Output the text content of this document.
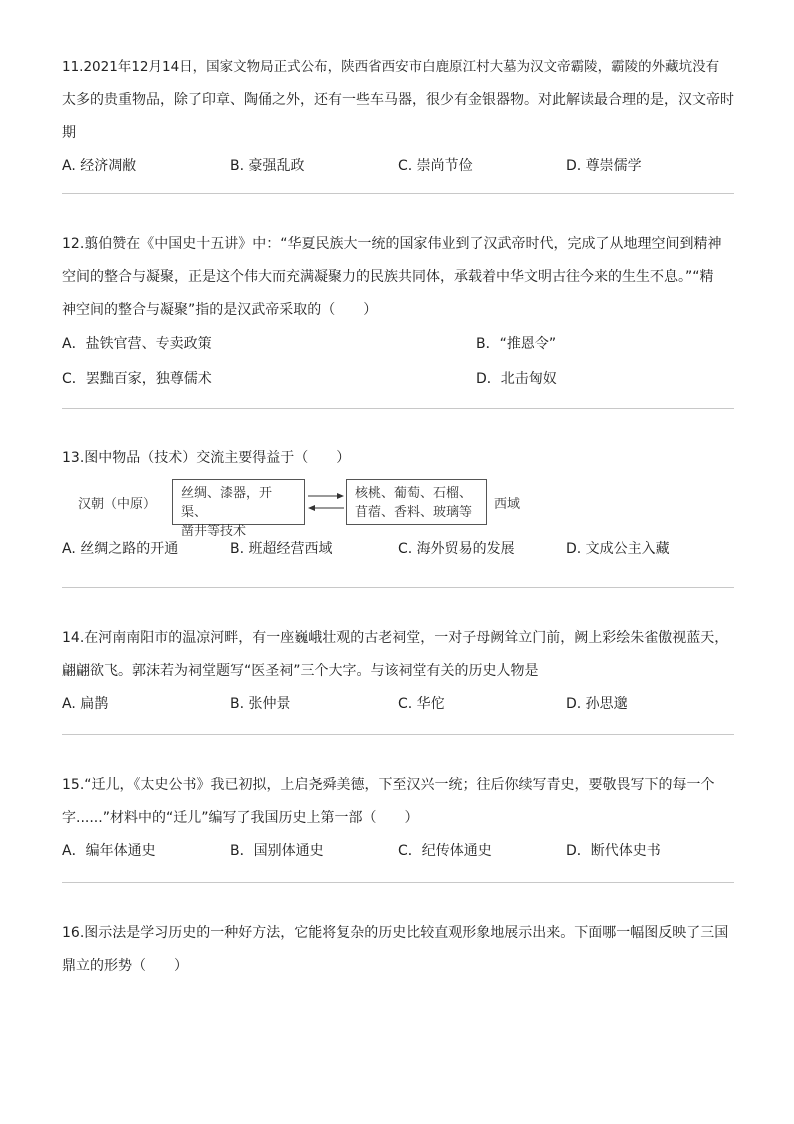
11.2021年12月14日，国家文物局正式公布，陕西省西安市白鹿原江村大墓为汉文帝霸陵，霸陵的外藏坑没有
太多的贵重物品，除了印章、陶俑之外，还有一些车马器，很少有金银器物。对此解读最合理的是，汉文帝时
期
A. 经济凋敝	B. 豪强乱政	C. 崇尚节俭	D. 尊崇儒学
12.翦伯赞在《中国史十五讲》中：“华夏民族大一统的国家伟业到了汉武帝时代，完成了从地理空间到精神
空间的整合与凝聚，正是这个伟大而充满凝聚力的民族共同体，承载着中华文明古往今来的生生不息。”“精
神空间的整合与凝聚”指的是汉武帝采取的（　　）
A．盐铁官营、专卖政策	B．“推恩令”
C．罢黜百家，独尊儒术	D．北击匈奴
13.图中物品（技术）交流主要得益于（　　）
汉朝（中原）
丝绸、漆器，开渠、
凿井等技术
核桃、葡萄、石榴、
苜蓿、香料、玻璃等
西域
A. 丝绸之路的开通	B. 班超经营西域	C. 海外贸易的发展	D. 文成公主入藏
14.在河南南阳市的温凉河畔，有一座巍峨壮观的古老祠堂，一对子母阙耸立门前，阙上彩绘朱雀傲视蓝天，
翩翩欲飞。郭沫若为祠堂题写“医圣祠”三个大字。与该祠堂有关的历史人物是
A. 扁鹊	B. 张仲景	C. 华佗	D. 孙思邈
15.“迁儿，《太史公书》我已初拟，上启尧舜美德，下至汉兴一统；往后你续写青史，要敬畏写下的每一个
字......”材料中的“迁儿”编写了我国历史上第一部（　　）
A．编年体通史	B．国别体通史	C．纪传体通史	D．断代体史书
16.图示法是学习历史的一种好方法，它能将复杂的历史比较直观形象地展示出来。下面哪一幅图反映了三国
鼎立的形势（　　）
